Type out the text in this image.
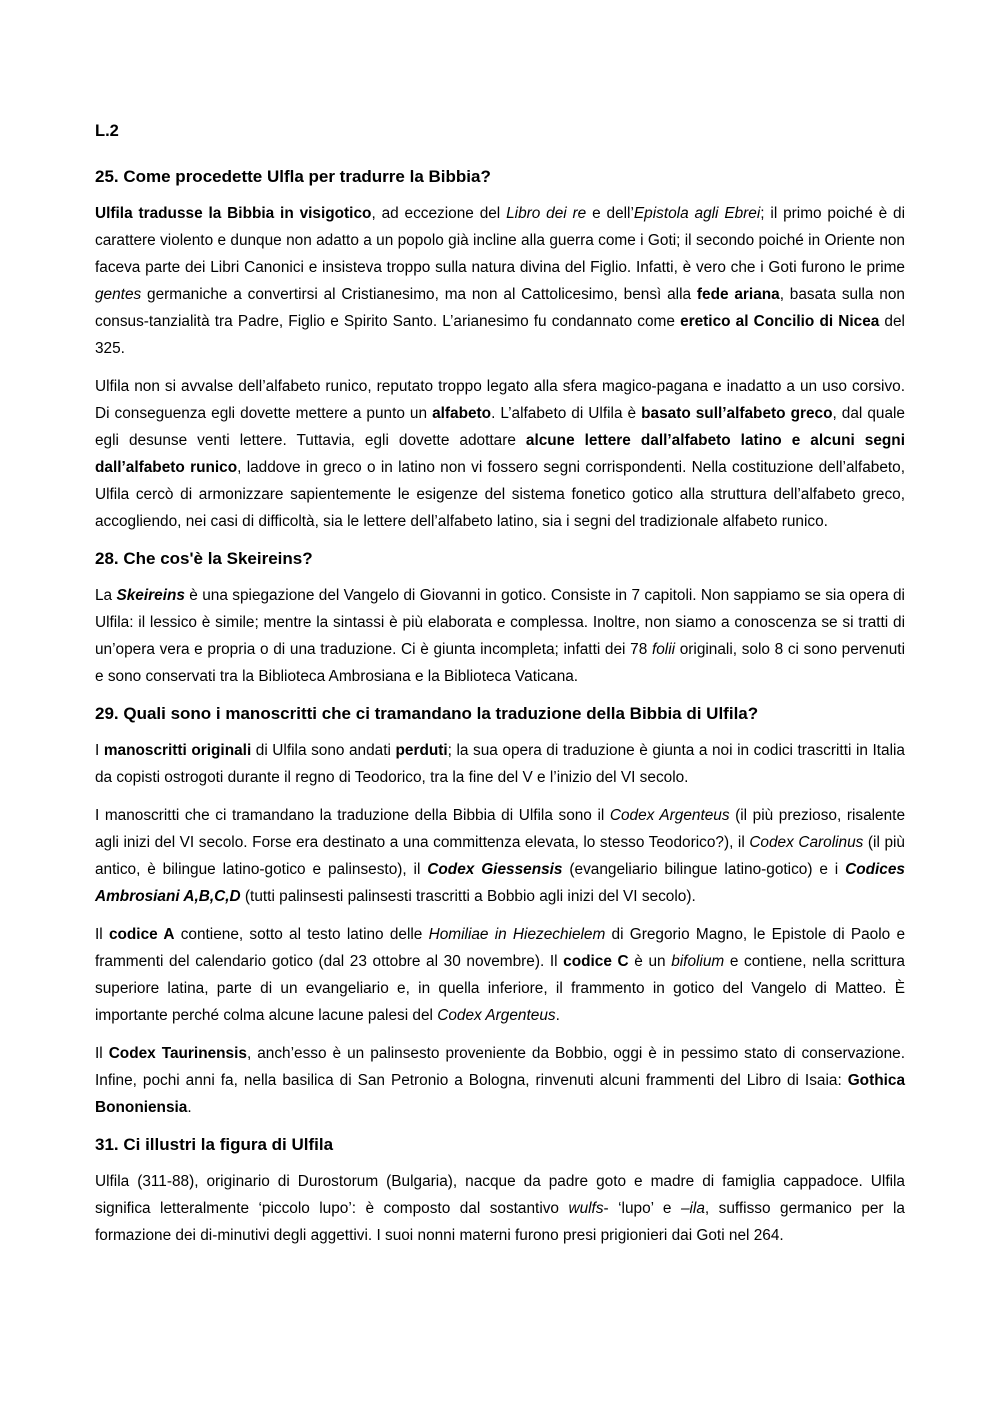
L.2
25. Come procedette Ulfla per tradurre la Bibbia?

Ulfila tradusse la Bibbia in visigotico, ad eccezione del Libro dei re e dell’Epistola agli Ebrei; il primo poiché è di carattere violento e dunque non adatto a un popolo già incline alla guerra come i Goti; il secondo poiché in Oriente non faceva parte dei Libri Canonici e insisteva troppo sulla natura divina del Figlio. Infatti, è vero che i Goti furono le prime gentes germaniche a convertirsi al Cristianesimo, ma non al Cattolicesimo, bensì alla fede ariana, basata sulla non consus-tanzialità tra Padre, Figlio e Spirito Santo. L’arianesimo fu condannato come eretico al Concilio di Nicea del 325.

Ulfila non si avvalse dell’alfabeto runico, reputato troppo legato alla sfera magico-pagana e inadatto a un uso corsivo. Di conseguenza egli dovette mettere a punto un alfabeto. L’alfabeto di Ulfila è basato sull’alfabeto greco, dal quale egli desunse venti lettere. Tuttavia, egli dovette adottare alcune lettere dall’alfabeto latino e alcuni segni dall’alfabeto runico, laddove in greco o in latino non vi fossero segni corrispondenti. Nella costituzione dell’alfabeto, Ulfila cercò di armonizzare sapientemente le esigenze del sistema fonetico gotico alla struttura dell’alfabeto greco, accogliendo, nei casi di difficoltà, sia le lettere dell’alfabeto latino, sia i segni del tradizionale alfabeto runico.

28. Che cos'è la Skeireins?

La Skeireins è una spiegazione del Vangelo di Giovanni in gotico. Consiste in 7 capitoli. Non sappiamo se sia opera di Ulfila: il lessico è simile; mentre la sintassi è più elaborata e complessa. Inoltre, non siamo a conoscenza se si tratti di un’opera vera e propria o di una traduzione. Ci è giunta incompleta; infatti dei 78 folii originali, solo 8 ci sono pervenuti e sono conservati tra la Biblioteca Ambrosiana e la Biblioteca Vaticana.

29. Quali sono i manoscritti che ci tramandano la traduzione della Bibbia di Ulfila?

I manoscritti originali di Ulfila sono andati perduti; la sua opera di traduzione è giunta a noi in codici trascritti in Italia da copisti ostrogoti durante il regno di Teodorico, tra la fine del V e l’inizio del VI secolo.

I manoscritti che ci tramandano la traduzione della Bibbia di Ulfila sono il Codex Argenteus (il più prezioso, risalente agli inizi del VI secolo. Forse era destinato a una committenza elevata, lo stesso Teodorico?), il Codex Carolinus (il più antico, è bilingue latino-gotico e palinsesto), il Codex Giessensis (evangeliario bilingue latino-gotico) e i Codices Ambrosiani A,B,C,D (tutti palinsesti palinsesti trascritti a Bobbio agli inizi del VI secolo).

Il codice A contiene, sotto al testo latino delle Homiliae in Hiezechielem di Gregorio Magno, le Epistole di Paolo e frammenti del calendario gotico (dal 23 ottobre al 30 novembre). Il codice C è un bifolium e contiene, nella scrittura superiore latina, parte di un evangeliario e, in quella inferiore, il frammento in gotico del Vangelo di Matteo. È importante perché colma alcune lacune palesi del Codex Argenteus.

Il Codex Taurinensis, anch’esso è un palinsesto proveniente da Bobbio, oggi è in pessimo stato di conservazione. Infine, pochi anni fa, nella basilica di San Petronio a Bologna, rinvenuti alcuni frammenti del Libro di Isaia: Gothica Bononiensia.

31. Ci illustri la figura di Ulfila

Ulfila (311-88), originario di Durostorum (Bulgaria), nacque da padre goto e madre di famiglia cappadoce. Ulfila significa letteralmente ‘piccolo lupo’: è composto dal sostantivo wulfs- ‘lupo’ e –ila, suffisso germanico per la formazione dei di-minutivi degli aggettivi. I suoi nonni materni furono presi prigionieri dai Goti nel 264.
